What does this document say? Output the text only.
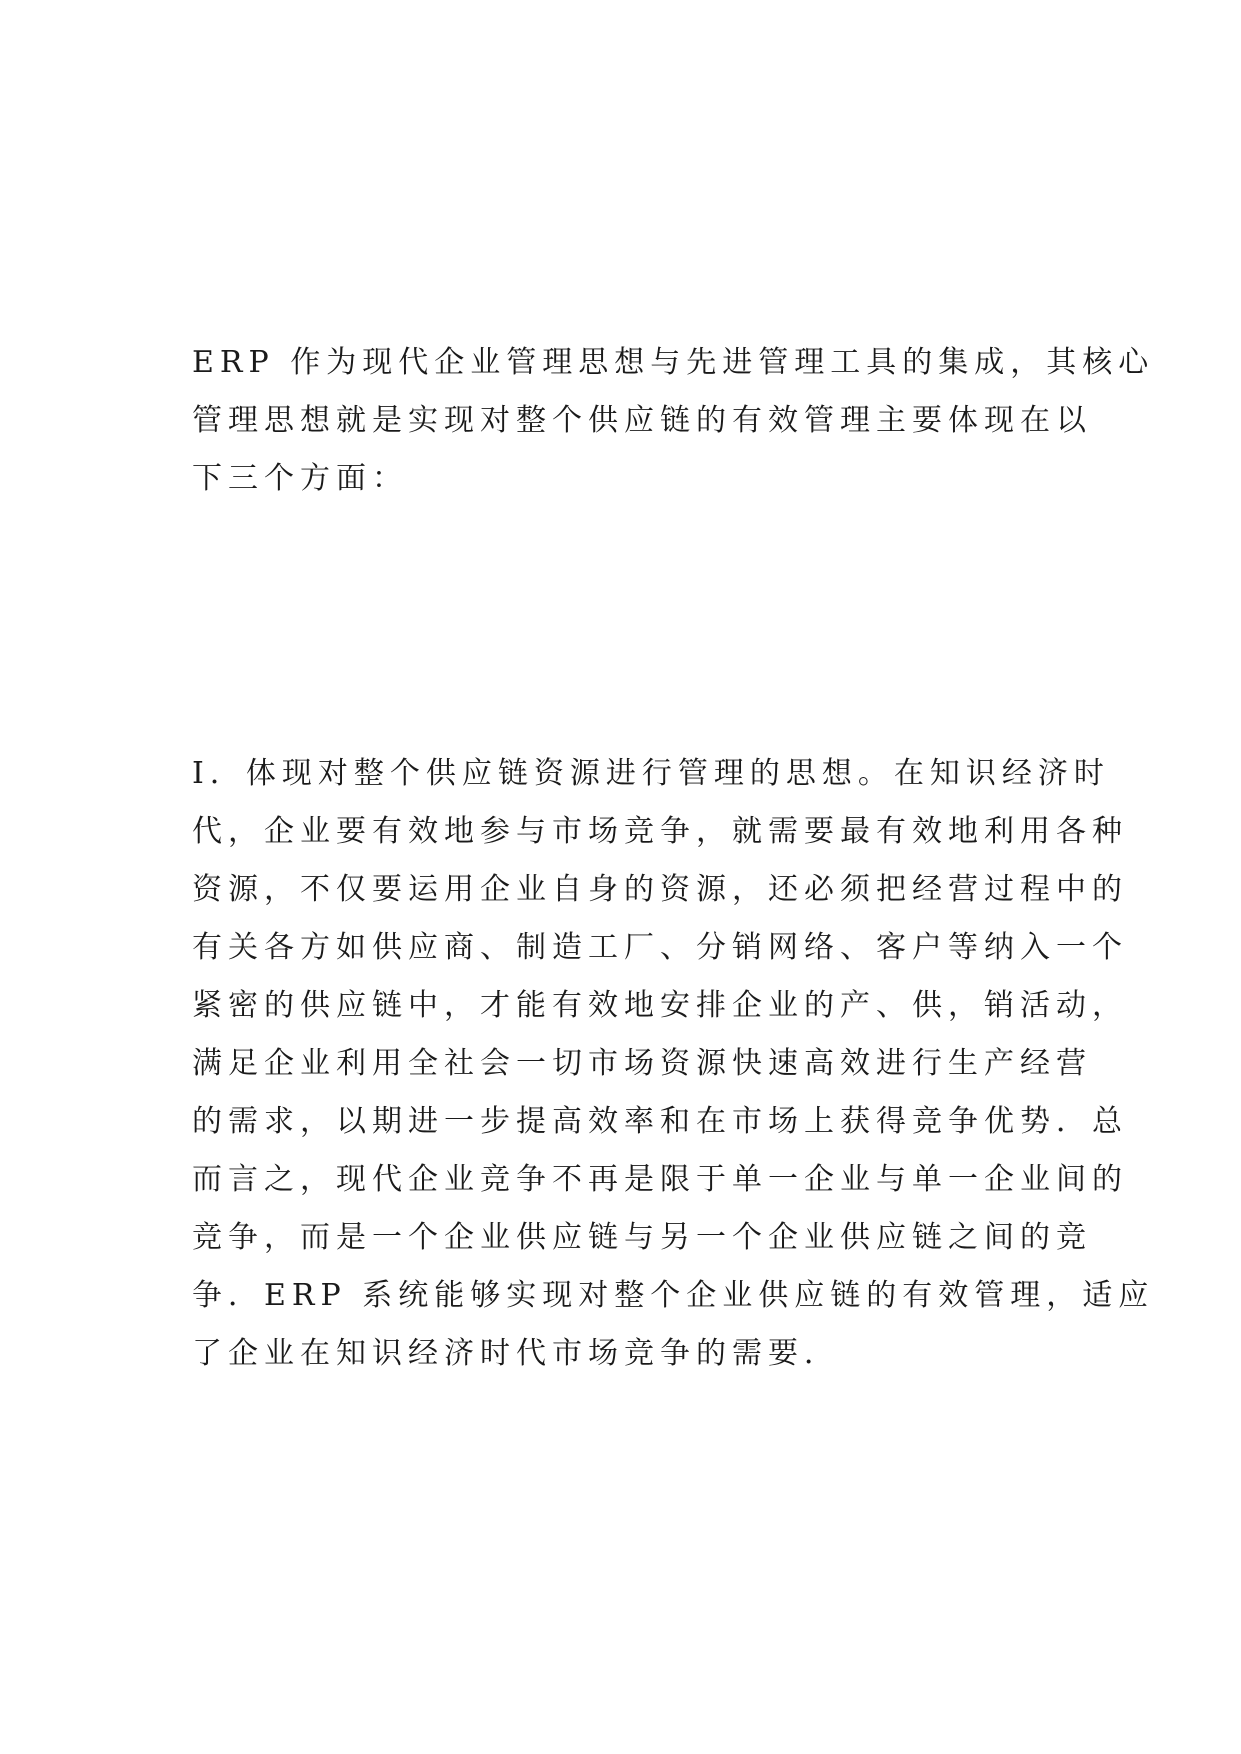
ERP 作为现代企业管理思想与先进管理工具的集成，其核心
管理思想就是实现对整个供应链的有效管理主要体现在以
下三个方面：

I．体现对整个供应链资源进行管理的思想。在知识经济时
代，企业要有效地参与市场竞争，就需要最有效地利用各种
资源，不仅要运用企业自身的资源，还必须把经营过程中的
有关各方如供应商、制造工厂、分销网络、客户等纳入一个
紧密的供应链中，才能有效地安排企业的产、供，销活动，
满足企业利用全社会一切市场资源快速高效进行生产经营
的需求，以期进一步提高效率和在市场上获得竞争优势．总
而言之，现代企业竞争不再是限于单一企业与单一企业间的
竞争，而是一个企业供应链与另一个企业供应链之间的竞
争．ERP 系统能够实现对整个企业供应链的有效管理，适应
了企业在知识经济时代市场竞争的需要．
